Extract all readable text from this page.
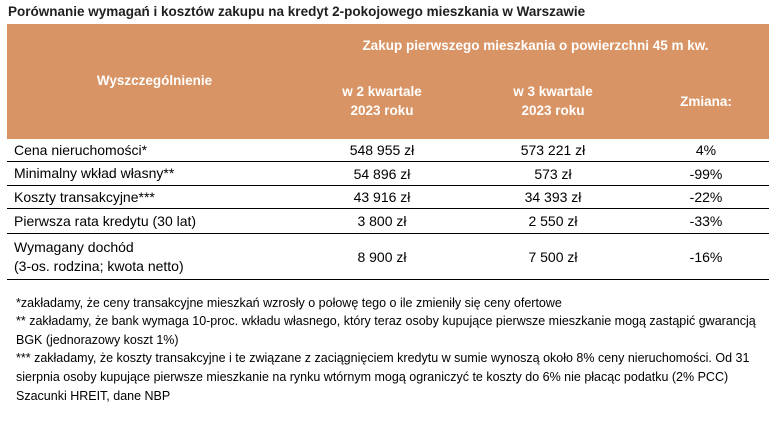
Porównanie wymagań i kosztów zakupu na kredyt 2-pokojowego mieszkania w Warszawie
Wyszczególnienie
Zakup pierwszego mieszkania o powierzchni 45 m kw.
w 2 kwartale
2023 roku
w 3 kwartale
2023 roku
Zmiana:
Cena nieruchomości*	548 955 zł	573 221 zł	4%
Minimalny wkład własny**	54 896 zł	573 zł	-99%
Koszty transakcyjne***	43 916 zł	34 393 zł	-22%
Pierwsza rata kredytu (30 lat)	3 800 zł	2 550 zł	-33%
Wymagany dochód
(3-os. rodzina; kwota netto)
8 900 zł	7 500 zł	-16%

*zakładamy, że ceny transakcyjne mieszkań wzrosły o połowę tego o ile zmieniły się ceny ofertowe

** zakładamy, że bank wymaga 10-proc. wkładu własnego, który teraz osoby kupujące pierwsze mieszkanie mogą zastąpić gwarancją BGK (jednorazowy koszt 1%)

*** zakładamy, że koszty transakcyjne i te związane z zaciągnięciem kredytu w sumie wynoszą około 8% ceny nieruchomości. Od 31 sierpnia osoby kupujące pierwsze mieszkanie na rynku wtórnym mogą ograniczyć te koszty do 6% nie płacąc podatku (2% PCC)

Szacunki HREIT, dane NBP
